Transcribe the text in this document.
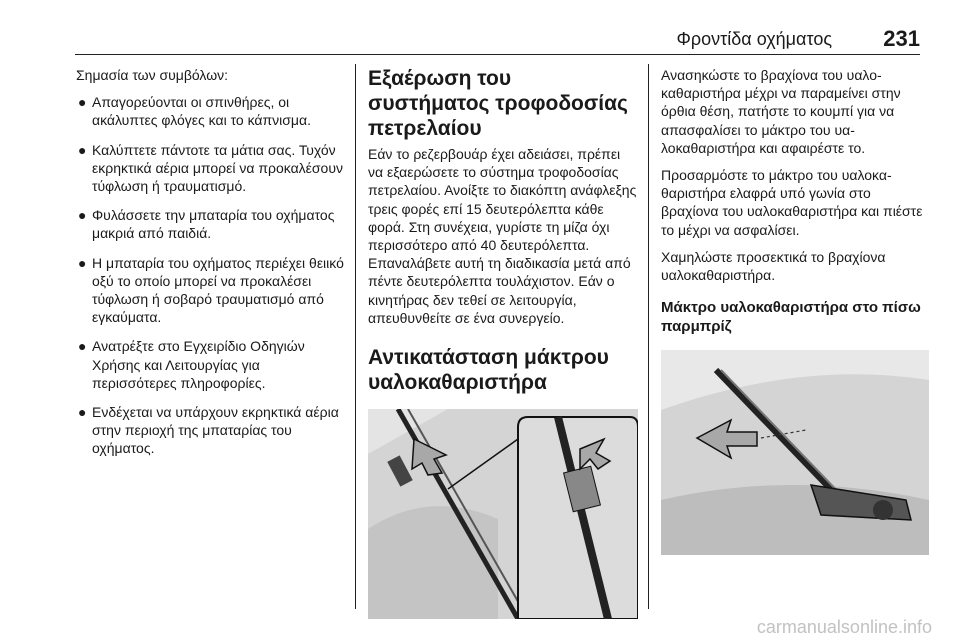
Φροντίδα οχήματος 231

Σημασία των συμβόλων:

● Απαγορεύονται οι σπινθήρες, οι ακάλυπτες φλόγες και το κάπνισμα.
● Καλύπτετε πάντοτε τα μάτια σας. Τυχόν εκρηκτικά αέρια μπορεί να προκαλέσουν τύφλωση ή τραυματισμό.
● Φυλάσσετε την μπαταρία του οχήματος μακριά από παιδιά.
● Η μπαταρία του οχήματος περιέχει θειικό οξύ το οποίο μπορεί να προκαλέσει τύφλωση ή σοβαρό τραυματισμό από εγκαύματα.
● Ανατρέξτε στο Εγχειρίδιο Οδηγιών Χρήσης και Λειτουργίας για περισσότερες πληροφορίες.
● Ενδέχεται να υπάρχουν εκρηκτικά αέρια στην περιοχή της μπαταρίας του οχήματος.
Εξαέρωση του συστήματος τροφοδοσίας πετρελαίου

Εάν το ρεζερβουάρ έχει αδειάσει, πρέπει να εξαερώσετε το σύστημα τροφοδοσίας πετρελαίου. Ανοίξτε το διακόπτη ανάφλεξης τρεις φορές επί 15 δευτερόλεπτα κάθε φορά. Στη συνέχεια, γυρίστε τη μίζα όχι περισσότερο από 40 δευτερόλεπτα. Επαναλάβετε αυτή τη διαδικασία μετά από πέντε δευτερόλεπτα τουλάχιστον. Εάν ο κινητήρας δεν τεθεί σε λειτουργία, απευθυνθείτε σε ένα συνεργείο.

Αντικατάσταση μάκτρου υαλοκαθαριστήρα

Ανασηκώστε το βραχίονα του υαλοκαθαριστήρα μέχρι να παραμείνει στην όρθια θέση, πατήστε το κουμπί για να απασφαλίσει το μάκτρο του υαλοκαθαριστήρα και αφαιρέστε το.

Προσαρμόστε το μάκτρο του υαλοκαθαριστήρα ελαφρά υπό γωνία στο βραχίονα του υαλοκαθαριστήρα και πιέστε το μέχρι να ασφαλίσει.

Χαμηλώστε προσεκτικά το βραχίονα υαλοκαθαριστήρα.

Μάκτρο υαλοκαθαριστήρα στο πίσω παρμπρίζ
carmanualsonline.info
